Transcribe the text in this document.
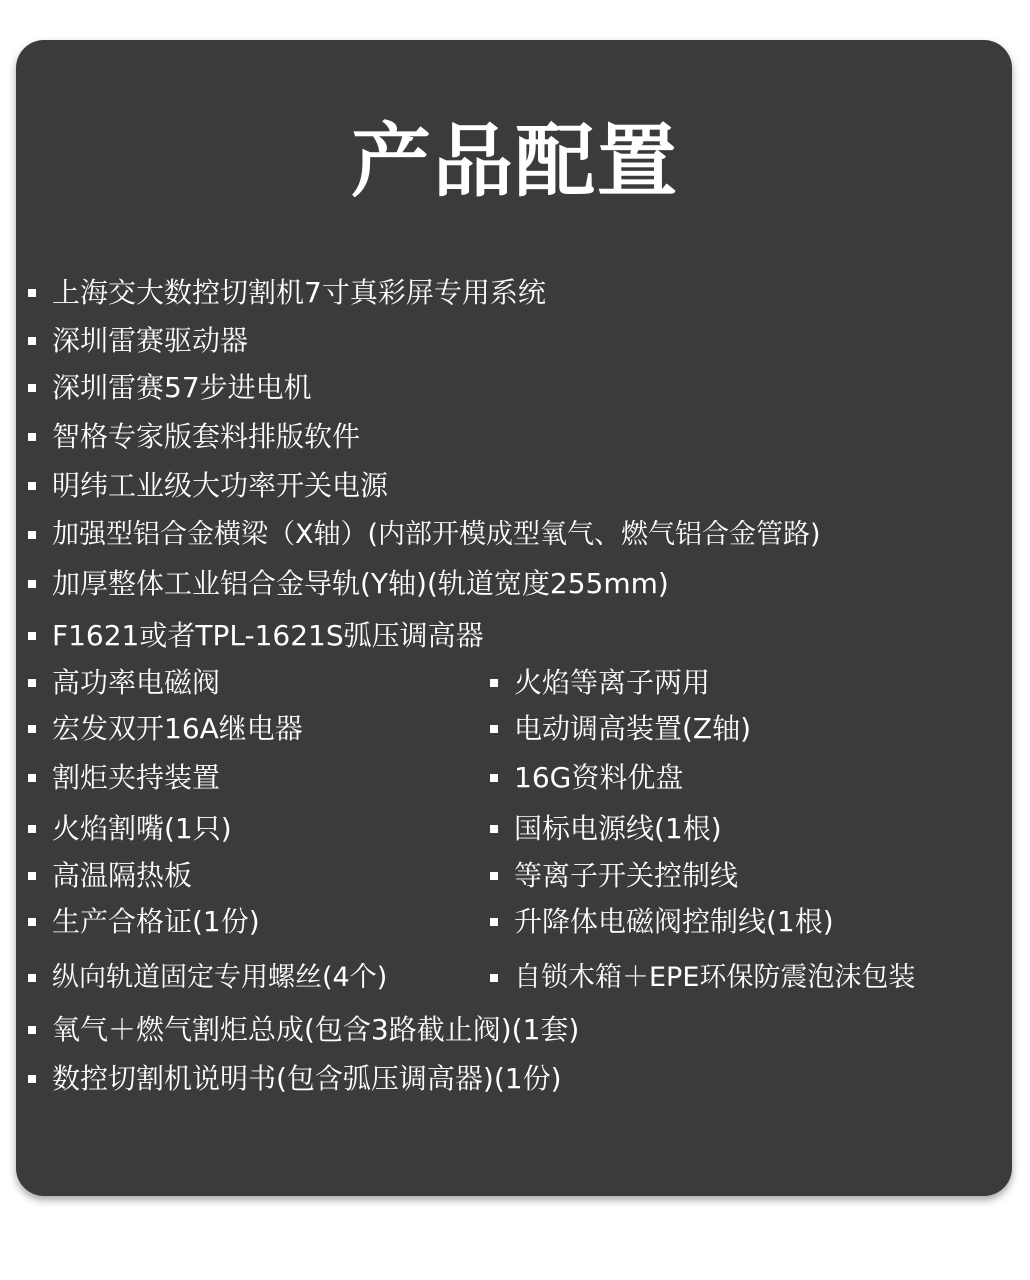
产品配置
上海交大数控切割机7寸真彩屏专用系统
深圳雷赛驱动器
深圳雷赛57步进电机
智格专家版套料排版软件
明纬工业级大功率开关电源
加强型铝合金横梁（X轴）(内部开模成型氧气、燃气铝合金管路)
加厚整体工业铝合金导轨(Y轴)(轨道宽度255mm)
F1621或者TPL-1621S弧压调高器
高功率电磁阀	火焰等离子两用
宏发双开16A继电器	电动调高装置(Z轴)
割炬夹持装置	16G资料优盘
火焰割嘴(1只)	国标电源线(1根)
高温隔热板	等离子开关控制线
生产合格证(1份)	升降体电磁阀控制线(1根)
纵向轨道固定专用螺丝(4个)	自锁木箱＋EPE环保防震泡沫包装
氧气＋燃气割炬总成(包含3路截止阀)(1套)
数控切割机说明书(包含弧压调高器)(1份)
